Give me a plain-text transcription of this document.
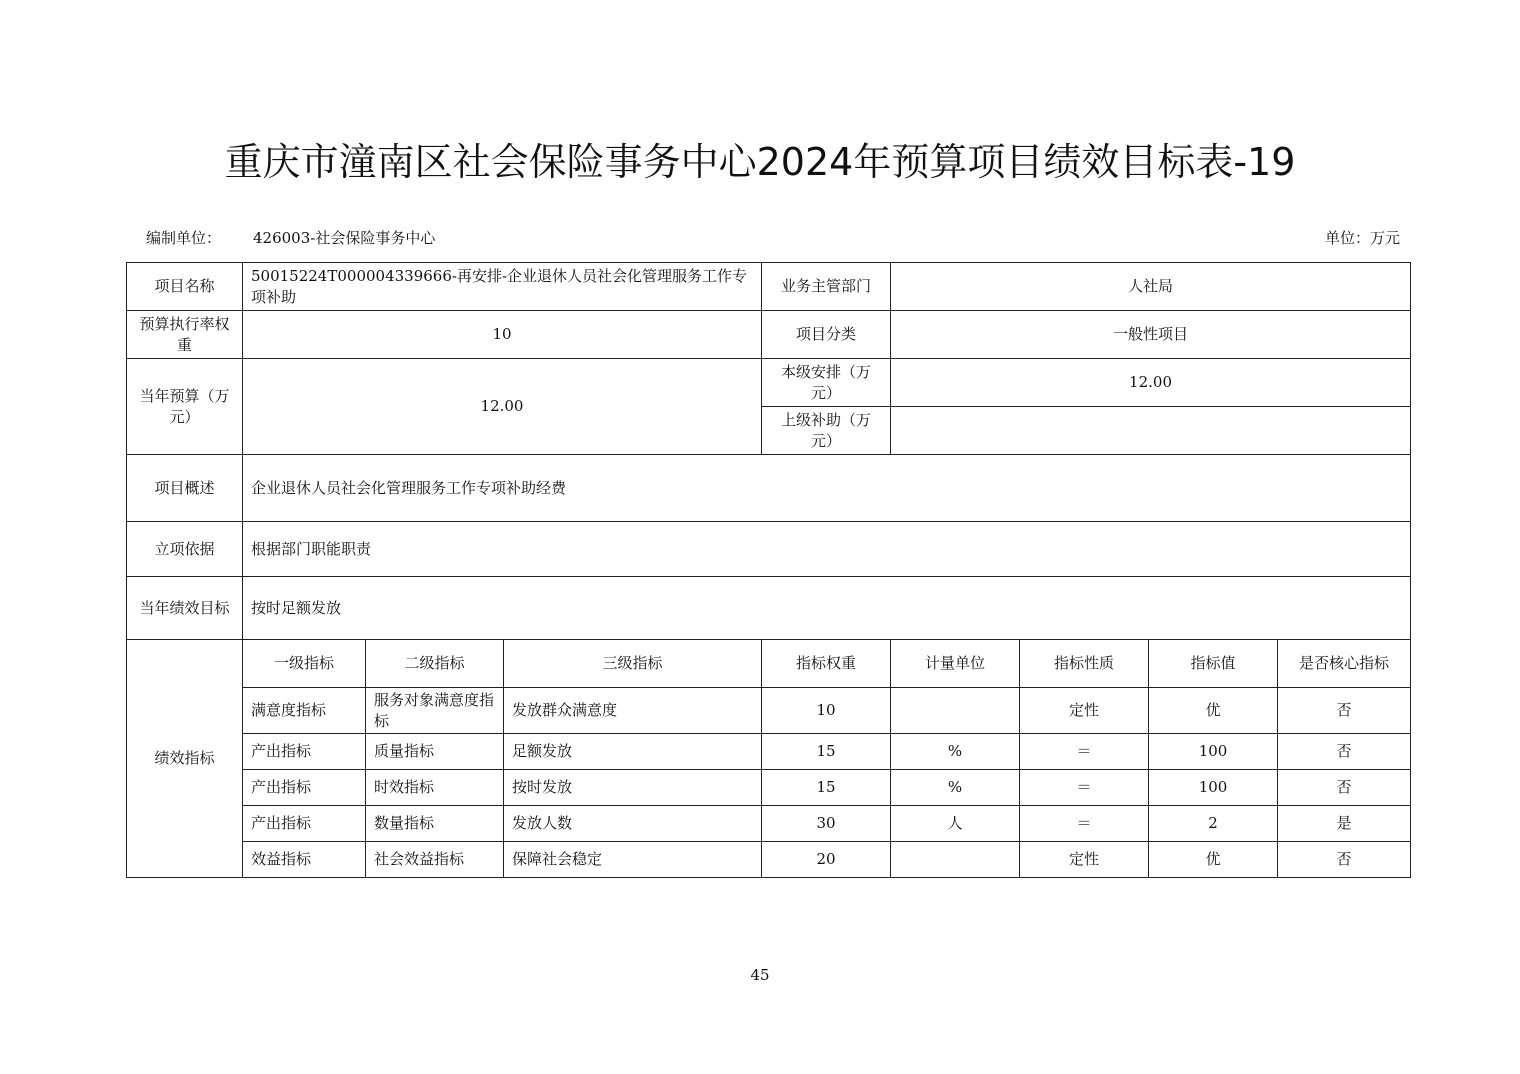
重庆市潼南区社会保险事务中心2024年预算项目绩效目标表-19
编制单位： 426003-社会保险事务中心	单位：万元
项目名称	50015224T000004339666-再安排-企业退休人员社会化管理服务工作专项补助			业务主管部门	人社局			
预算执行率权重	10			项目分类	一般性项目			
当年预算（万元）	12.00			本级安排（万元）	12.00			
				上级补助（万元）				
项目概述	企业退休人员社会化管理服务工作专项补助经费							
立项依据	根据部门职能职责							
当年绩效目标	按时足额发放							
绩效指标	一级指标	二级指标	三级指标	指标权重	计量单位	指标性质	指标值	是否核心指标
	满意度指标	服务对象满意度指标	发放群众满意度	10		定性	优	否
	产出指标	质量指标	足额发放	15	%	＝	100	否
	产出指标	时效指标	按时发放	15	%	＝	100	否
	产出指标	数量指标	发放人数	30	人	＝	2	是
	效益指标	社会效益指标	保障社会稳定	20		定性	优	否
45
